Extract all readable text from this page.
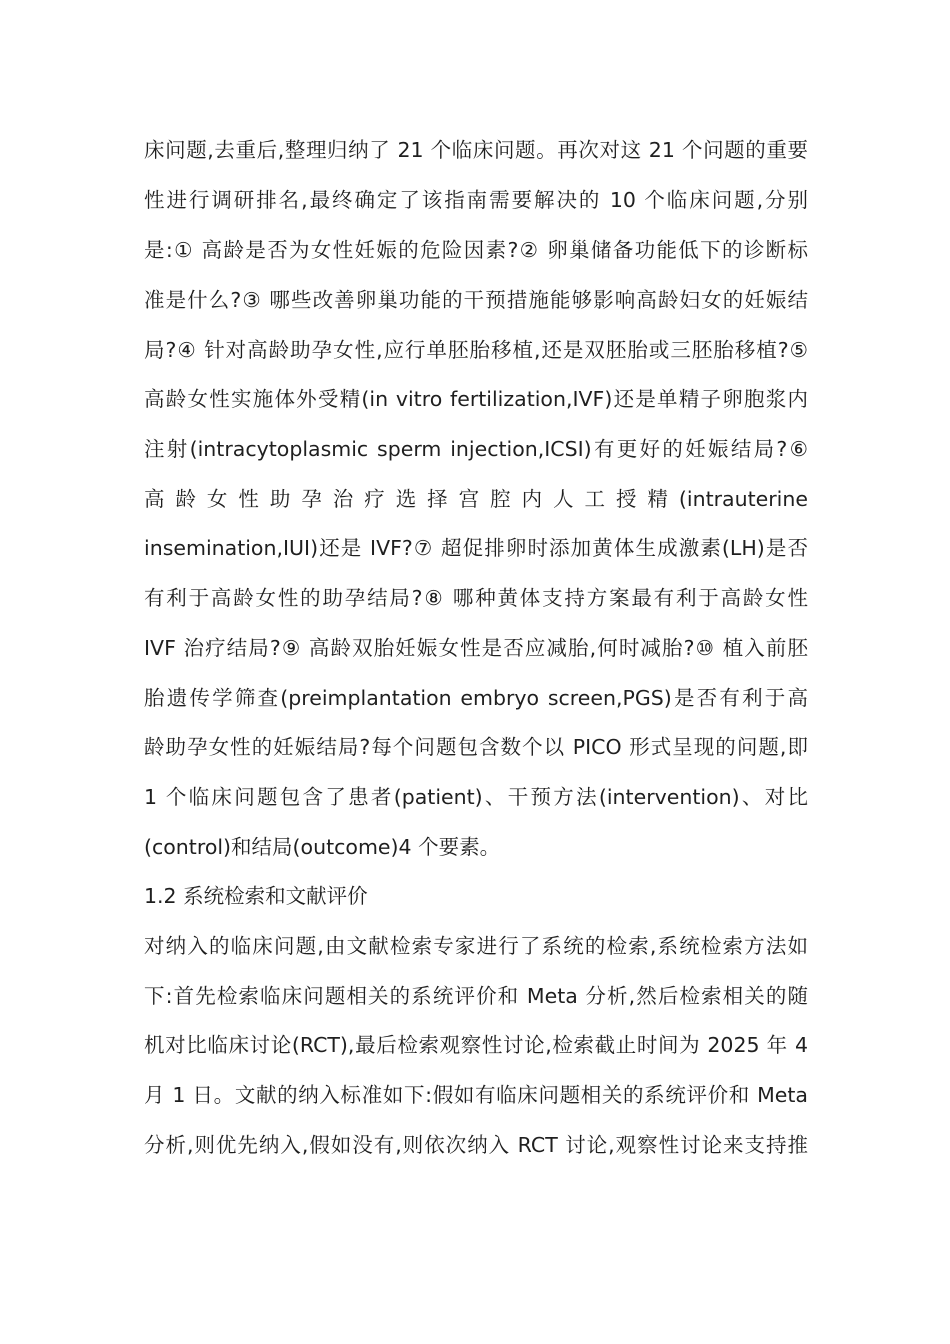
床问题,去重后,整理归纳了 21 个临床问题。再次对这 21 个问题的重要
性进行调研排名,最终确定了该指南需要解决的 10 个临床问题,分别
是:① 高龄是否为女性妊娠的危险因素?② 卵巢储备功能低下的诊断标
准是什么?③ 哪些改善卵巢功能的干预措施能够影响高龄妇女的妊娠结
局?④ 针对高龄助孕女性,应行单胚胎移植,还是双胚胎或三胚胎移植?⑤
高龄女性实施体外受精(in vitro fertilization,IVF)还是单精子卵胞浆内
注射(intracytoplasmic sperm injection,ICSI)有更好的妊娠结局?⑥
高 龄 女 性 助 孕 治 疗 选 择 宫 腔 内 人 工 授 精 (intrauterine
insemination,IUI)还是 IVF?⑦ 超促排卵时添加黄体生成激素(LH)是否
有利于高龄女性的助孕结局?⑧ 哪种黄体支持方案最有利于高龄女性
IVF 治疗结局?⑨ 高龄双胎妊娠女性是否应减胎,何时减胎?⑩ 植入前胚
胎遗传学筛查(preimplantation embryo screen,PGS)是否有利于高
龄助孕女性的妊娠结局?每个问题包含数个以 PICO 形式呈现的问题,即
1 个临床问题包含了患者(patient)、干预方法(intervention)、对比
(control)和结局(outcome)4 个要素。
1.2 系统检索和文献评价
对纳入的临床问题,由文献检索专家进行了系统的检索,系统检索方法如
下:首先检索临床问题相关的系统评价和 Meta 分析,然后检索相关的随
机对比临床讨论(RCT),最后检索观察性讨论,检索截止时间为 2025 年 4
月 1 日。文献的纳入标准如下:假如有临床问题相关的系统评价和 Meta
分析,则优先纳入,假如没有,则依次纳入 RCT 讨论,观察性讨论来支持推
